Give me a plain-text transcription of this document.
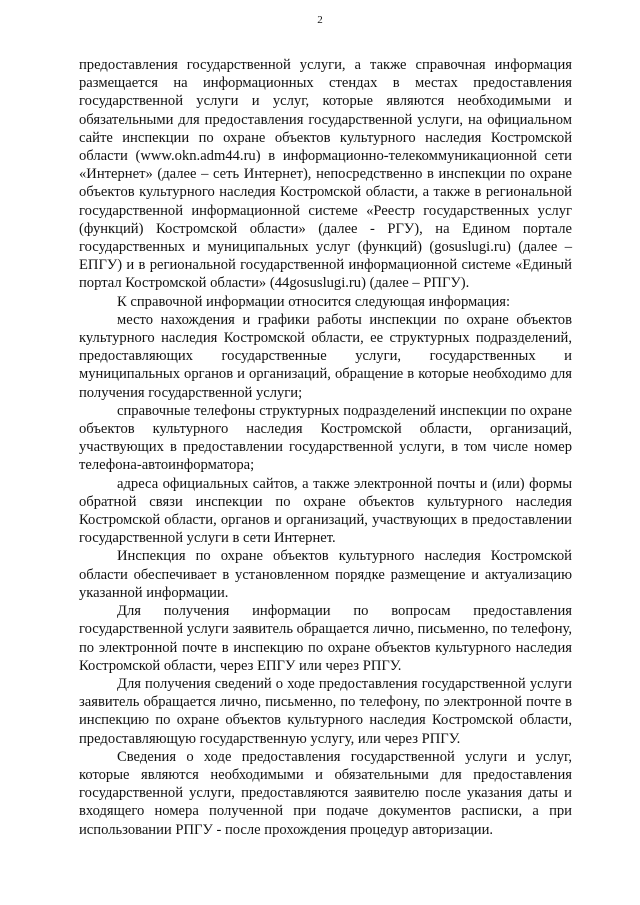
2

предоставления государственной услуги, а также справочная информация размещается на информационных стендах в местах предоставления государственной услуги и услуг, которые являются необходимыми и обязательными для предоставления государственной услуги, на официальном сайте инспекции по охране объектов культурного наследия Костромской области (www.okn.adm44.ru) в информационно-телекоммуникационной сети «Интернет» (далее – сеть Интернет), непосредственно в инспекции по охране объектов культурного наследия Костромской области, а также в региональной государственной информационной системе «Реестр государственных услуг (функций) Костромской области» (далее - РГУ), на Едином портале государственных и муниципальных услуг (функций) (gosuslugi.ru) (далее – ЕПГУ) и в региональной государственной информационной системе «Единый портал Костромской области» (44gosuslugi.ru) (далее – РПГУ).

К справочной информации относится следующая информация:

место нахождения и графики работы инспекции по охране объектов культурного наследия Костромской области, ее структурных подразделений, предоставляющих государственные услуги, государственных и муниципальных органов и организаций, обращение в которые необходимо для получения государственной услуги;

справочные телефоны структурных подразделений инспекции по охране объектов культурного наследия Костромской области, организаций, участвующих в предоставлении государственной услуги, в том числе номер телефона-автоинформатора;

адреса официальных сайтов, а также электронной почты и (или) формы обратной связи инспекции по охране объектов культурного наследия Костромской области, органов и организаций, участвующих в предоставлении государственной услуги в сети Интернет.

Инспекция по охране объектов культурного наследия Костромской области обеспечивает в установленном порядке размещение и актуализацию указанной информации.

Для получения информации по вопросам предоставления государственной услуги заявитель обращается лично, письменно, по телефону, по электронной почте в инспекцию по охране объектов культурного наследия Костромской области, через ЕПГУ или через РПГУ.

Для получения сведений о ходе предоставления государственной услуги заявитель обращается лично, письменно, по телефону, по электронной почте в инспекцию по охране объектов культурного наследия Костромской области, предоставляющую государственную услугу, или через РПГУ.

Сведения о ходе предоставления государственной услуги и услуг, которые являются необходимыми и обязательными для предоставления государственной услуги, предоставляются заявителю после указания даты и входящего номера полученной при подаче документов расписки, а при использовании РПГУ - после прохождения процедур авторизации.
